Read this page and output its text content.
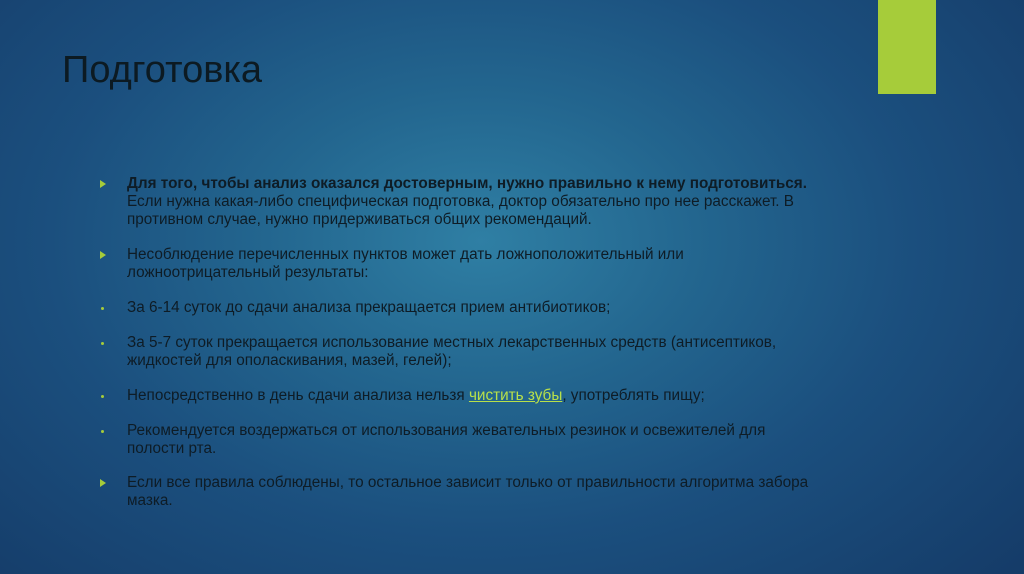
Подготовка
Для того, чтобы анализ оказался достоверным, нужно правильно к нему подготовиться. Если нужна какая-либо специфическая подготовка, доктор обязательно про нее расскажет. В противном случае, нужно придерживаться общих рекомендаций.
Несоблюдение перечисленных пунктов может дать ложноположительный или ложноотрицательный результаты:
За 6-14 суток до сдачи анализа прекращается прием антибиотиков;
За 5-7 суток прекращается использование местных лекарственных средств (антисептиков, жидкостей для ополаскивания, мазей, гелей);
Непосредственно в день сдачи анализа нельзя чистить зубы, употреблять пищу;
Рекомендуется воздержаться от использования жевательных резинок и освежителей для полости рта.
Если все правила соблюдены, то остальное зависит только от правильности алгоритма забора мазка.
